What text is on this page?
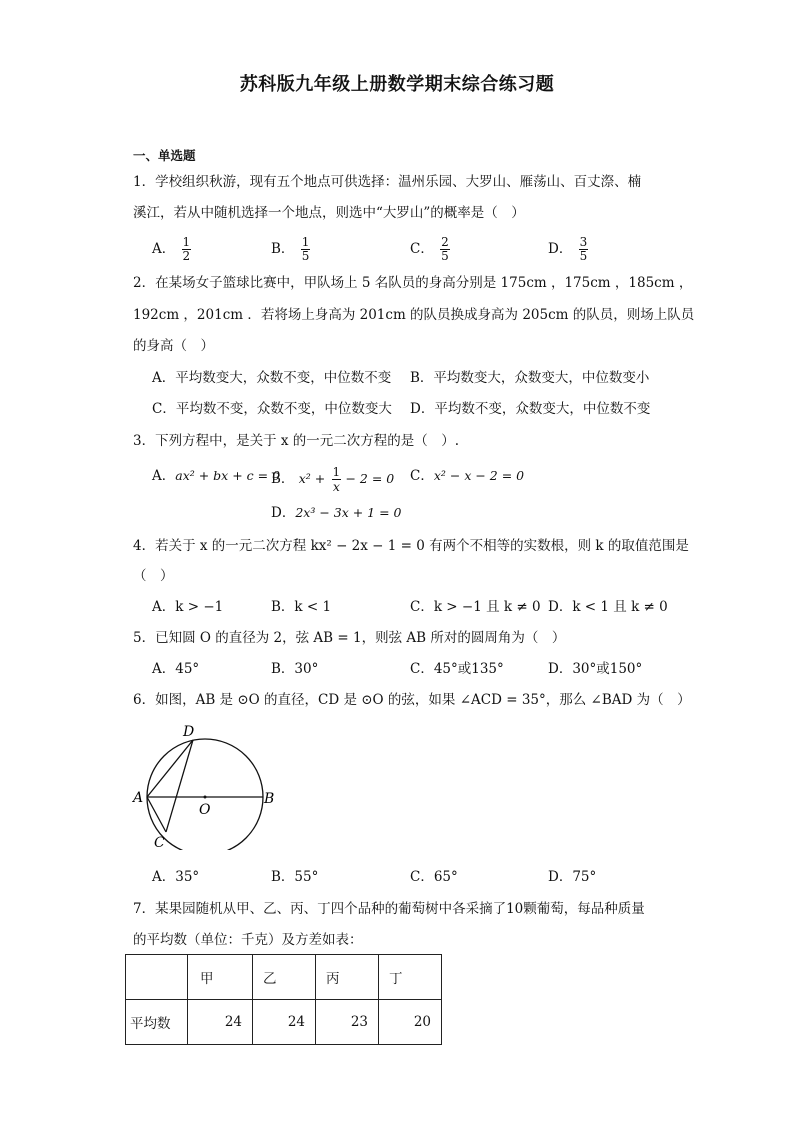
苏科版九年级上册数学期末综合练习题
一、单选题
1．学校组织秋游，现有五个地点可供选择：温州乐园、大罗山、雁荡山、百丈漈、楠
溪江，若从中随机选择一个地点，则选中“大罗山”的概率是（　）
A． $\frac{1}{2}$	B． $\frac{1}{5}$	C． $\frac{2}{5}$	D． $\frac{3}{5}$
2．在某场女子篮球比赛中，甲队场上 5 名队员的身高分别是 175cm ，175cm ，185cm ，
192cm ，201cm ．若将场上身高为 201cm 的队员换成身高为 205cm 的队员，则场上队员
的身高（　）
A．平均数变大，众数不变，中位数不变 B．平均数变大，众数变大，中位数变小
C．平均数不变，众数不变，中位数变大 D．平均数不变，众数变大，中位数不变
3．下列方程中，是关于 x 的一元二次方程的是（　）.
A．ax² + bx + c = 0
B． $x^2 + \frac{1}{x} - 2 = 0$ C．x² − x − 2 = 0
D．2x³ − 3x + 1 = 0
4．若关于 x 的一元二次方程 kx² − 2x − 1 = 0 有两个不相等的实数根，则 k 的取值范围是
（　）
A．k > −1	B．k < 1	C．k > −1 且 k ≠ 0 D．k < 1 且 k ≠ 0
5．已知圆 O 的直径为 2，弦 AB = 1，则弦 AB 所对的圆周角为（　）
A．45°	B．30°	C．45°或135°	D．30°或150°
6．如图，AB 是 ⊙O 的直径，CD 是 ⊙O 的弦，如果 ∠ACD = 35°，那么 ∠BAD 为（　）
A	B
C
D
O
A．35°	B．55°	C．65°	D．75°
7．某果园随机从甲、乙、丙、丁四个品种的葡萄树中各采摘了10颗葡萄，每品种质量
的平均数（单位：千克）及方差如表：
	甲	乙	丙	丁
平均数	24	24	23	20
